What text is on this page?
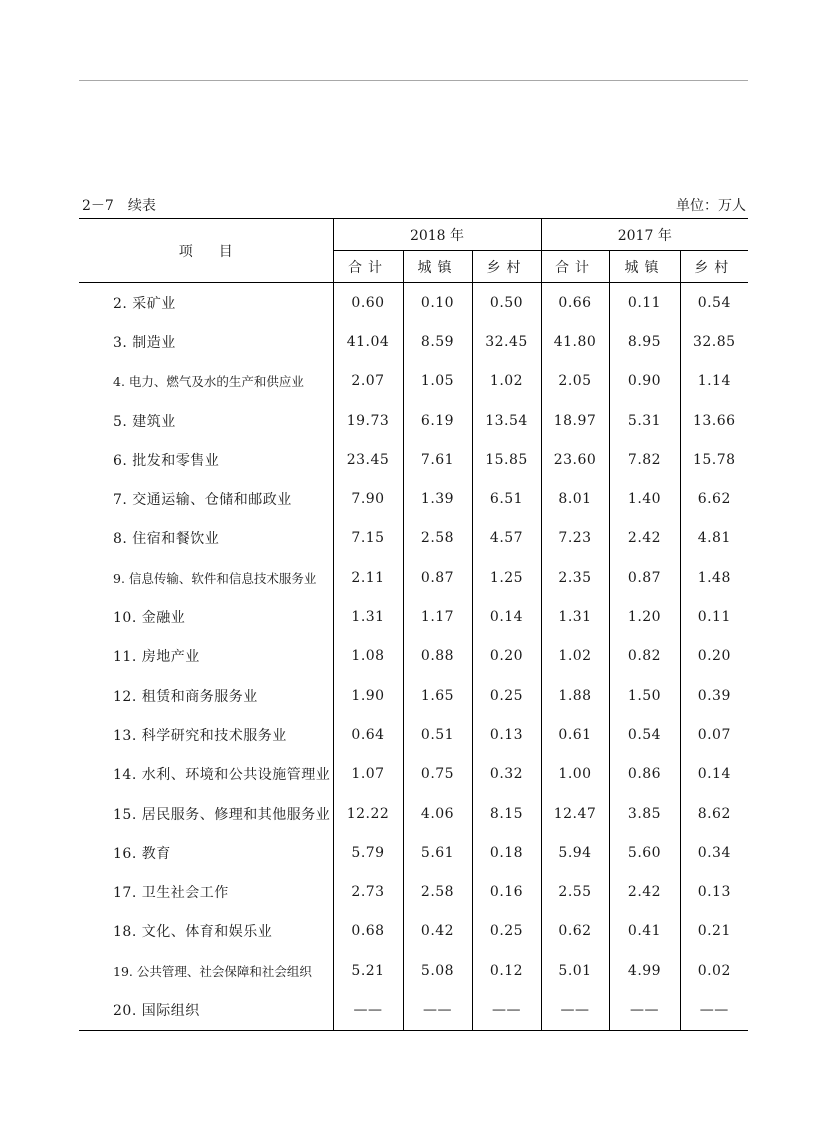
2－7　续表	单位：万人
项目	2018 年			2017 年		
	合计	城镇	乡村	合计	城镇	乡村
2. 采矿业	0.60	0.10	0.50	0.66	0.11	0.54
3. 制造业	41.04	8.59	32.45	41.80	8.95	32.85
4. 电力、燃气及水的生产和供应业	2.07	1.05	1.02	2.05	0.90	1.14
5. 建筑业	19.73	6.19	13.54	18.97	5.31	13.66
6. 批发和零售业	23.45	7.61	15.85	23.60	7.82	15.78
7. 交通运输、仓储和邮政业	7.90	1.39	6.51	8.01	1.40	6.62
8. 住宿和餐饮业	7.15	2.58	4.57	7.23	2.42	4.81
9. 信息传输、软件和信息技术服务业	2.11	0.87	1.25	2.35	0.87	1.48
10. 金融业	1.31	1.17	0.14	1.31	1.20	0.11
11. 房地产业	1.08	0.88	0.20	1.02	0.82	0.20
12. 租赁和商务服务业	1.90	1.65	0.25	1.88	1.50	0.39
13. 科学研究和技术服务业	0.64	0.51	0.13	0.61	0.54	0.07
14. 水利、环境和公共设施管理业	1.07	0.75	0.32	1.00	0.86	0.14
15. 居民服务、修理和其他服务业	12.22	4.06	8.15	12.47	3.85	8.62
16. 教育	5.79	5.61	0.18	5.94	5.60	0.34
17. 卫生社会工作	2.73	2.58	0.16	2.55	2.42	0.13
18. 文化、体育和娱乐业	0.68	0.42	0.25	0.62	0.41	0.21
19. 公共管理、社会保障和社会组织	5.21	5.08	0.12	5.01	4.99	0.02
20. 国际组织	——	——	——	——	——	——
